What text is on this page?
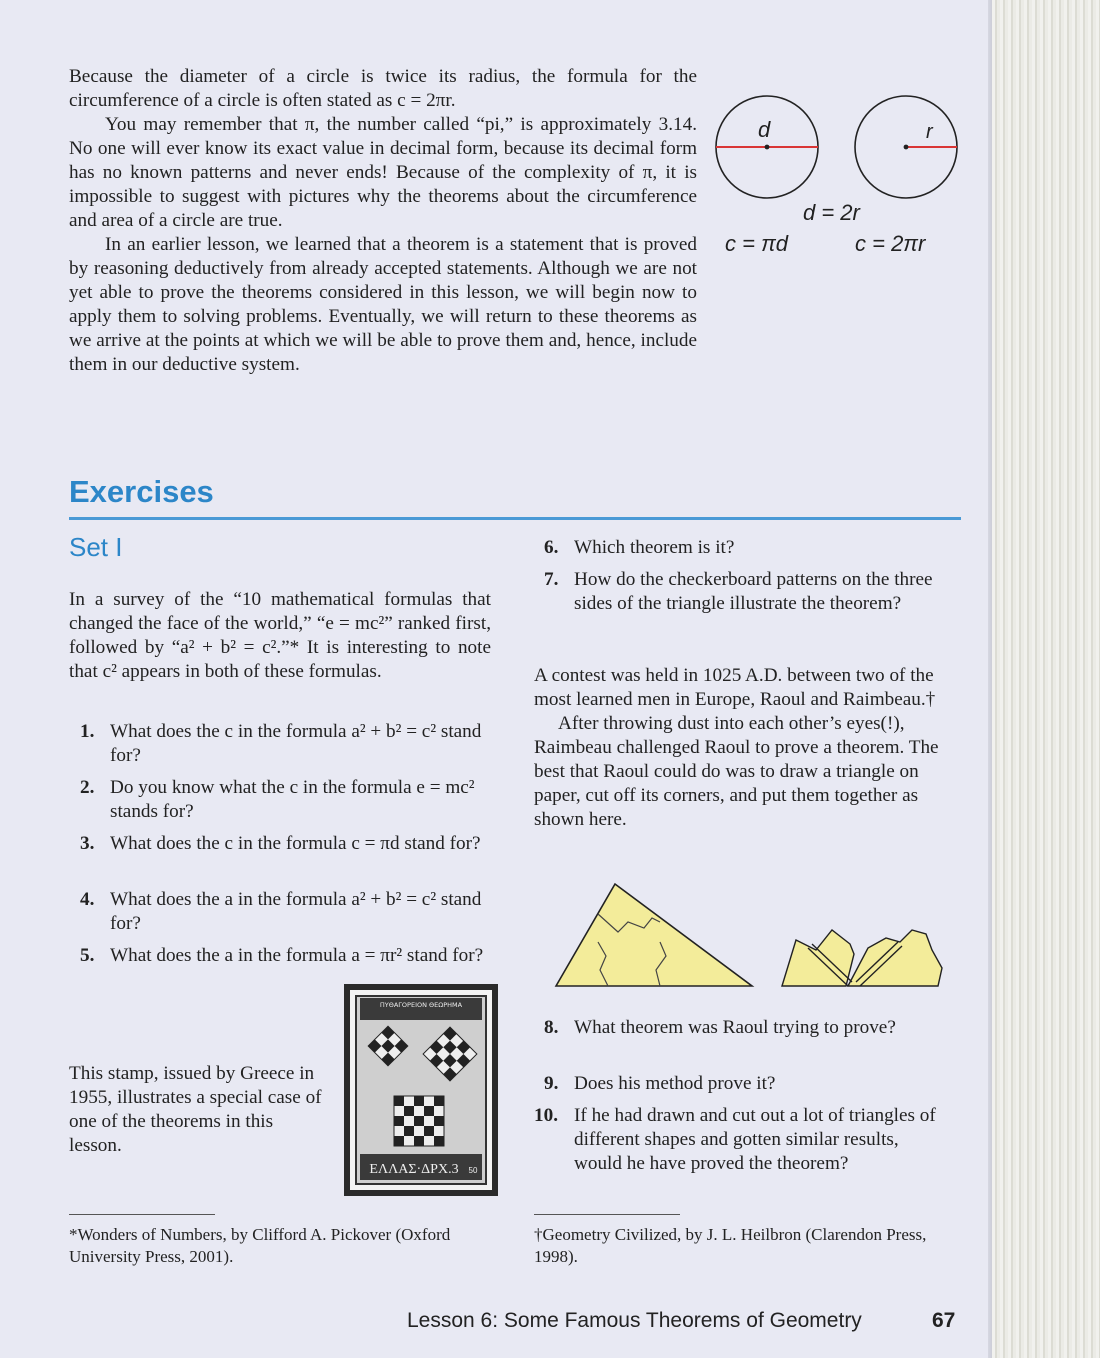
Because the diameter of a circle is twice its radius, the formula for the circumference of a circle is often stated as c = 2πr.

You may remember that π, the number called “pi,” is approximately 3.14. No one will ever know its exact value in decimal form, because its decimal form has no known patterns and never ends! Because of the complexity of π, it is impossible to suggest with pictures why the theorems about the circumference and area of a circle are true.

In an earlier lesson, we learned that a theorem is a statement that is proved by reasoning deductively from already accepted statements. Although we are not yet able to prove the theorems considered in this lesson, we will begin now to apply them to solving problems. Eventually, we will return to these theorems as we arrive at the points at which we will be able to prove them and, hence, include them in our deductive system.

d	r
d = 2r
c = πd	c = 2πr
Exercises
Set I
In a survey of the “10 mathematical formulas that changed the face of the world,” “e = mc²” ranked first, followed by “a² + b² = c².”* It is interesting to note that c² appears in both of these formulas.
1. What does the c in the formula a² + b² = c² stand for?
2. Do you know what the c in the formula e = mc² stands for?
3. What does the c in the formula c = πd stand for?
4. What does the a in the formula a² + b² = c² stand for?
5. What does the a in the formula a = πr² stand for?
This stamp, issued by Greece in 1955, illustrates a special case of one of the theorems in this lesson.
ΠΥΘΑΓΟΡΕΙΟΝ ΘΕΩΡΗΜΑ
ΕΛΛΑΣ·ΔΡΧ.3 50
6. Which theorem is it?
7. How do the checkerboard patterns on the three sides of the triangle illustrate the theorem?

A contest was held in 1025 A.D. between two of the most learned men in Europe, Raoul and Raimbeau.†

After throwing dust into each other’s eyes(!), Raimbeau challenged Raoul to prove a theorem. The best that Raoul could do was to draw a triangle on paper, cut off its corners, and put them together as shown here.

8. What theorem was Raoul trying to prove?
9. Does his method prove it?
10. If he had drawn and cut out a lot of triangles of different shapes and gotten similar results, would he have proved the theorem?
*Wonders of Numbers, by Clifford A. Pickover (Oxford University Press, 2001).
†Geometry Civilized, by J. L. Heilbron (Clarendon Press, 1998).
Lesson 6: Some Famous Theorems of Geometry	67
